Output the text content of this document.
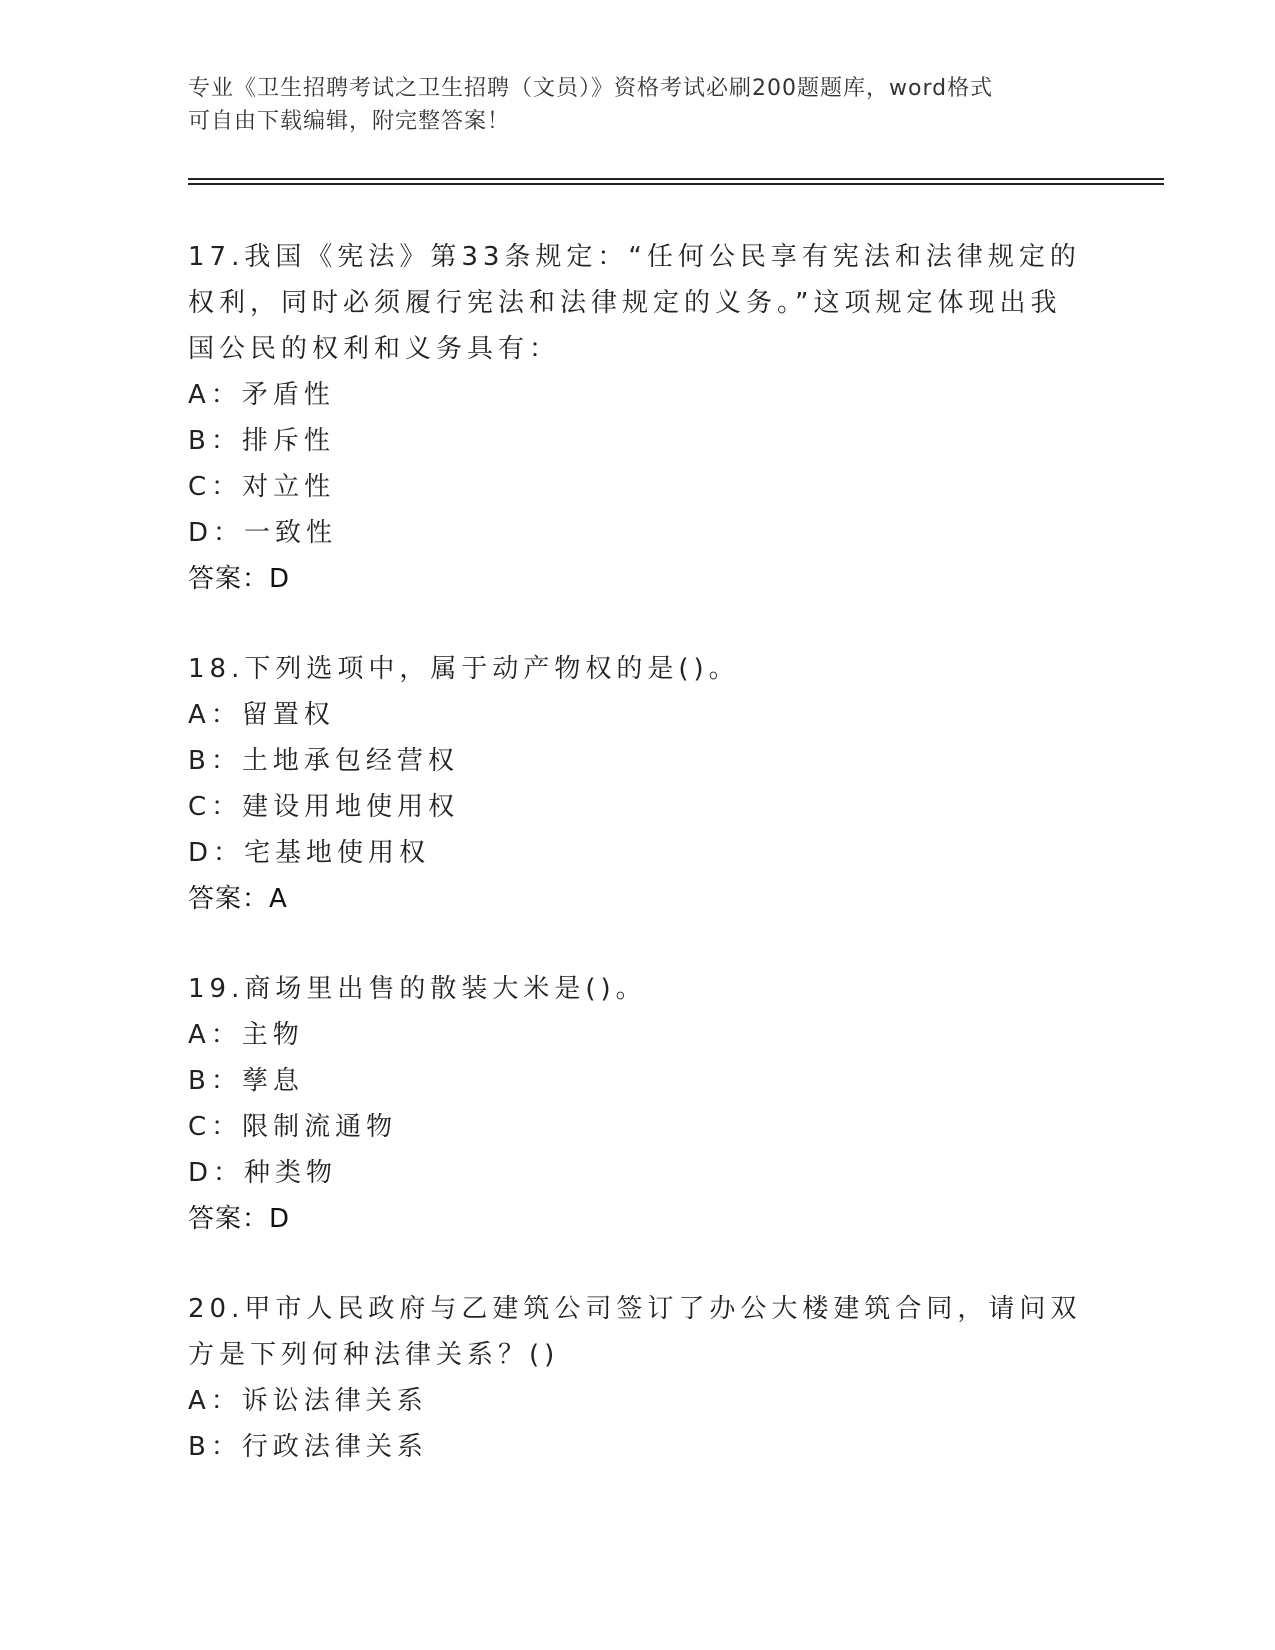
专业《卫生招聘考试之卫生招聘（文员）》资格考试必刷200题题库，word格式
可自由下载编辑，附完整答案！
17.我国《宪法》第33条规定：“任何公民享有宪法和法律规定的权利，同时必须履行宪法和法律规定的义务。”这项规定体现出我国公民的权利和义务具有：
A：矛盾性
B：排斥性
C：对立性
D：一致性
答案：D
18.下列选项中，属于动产物权的是()。
A：留置权
B：土地承包经营权
C：建设用地使用权
D：宅基地使用权
答案：A
19.商场里出售的散装大米是()。
A：主物
B：孳息
C：限制流通物
D：种类物
答案：D
20.甲市人民政府与乙建筑公司签订了办公大楼建筑合同，请问双方是下列何种法律关系？()
A：诉讼法律关系
B：行政法律关系
